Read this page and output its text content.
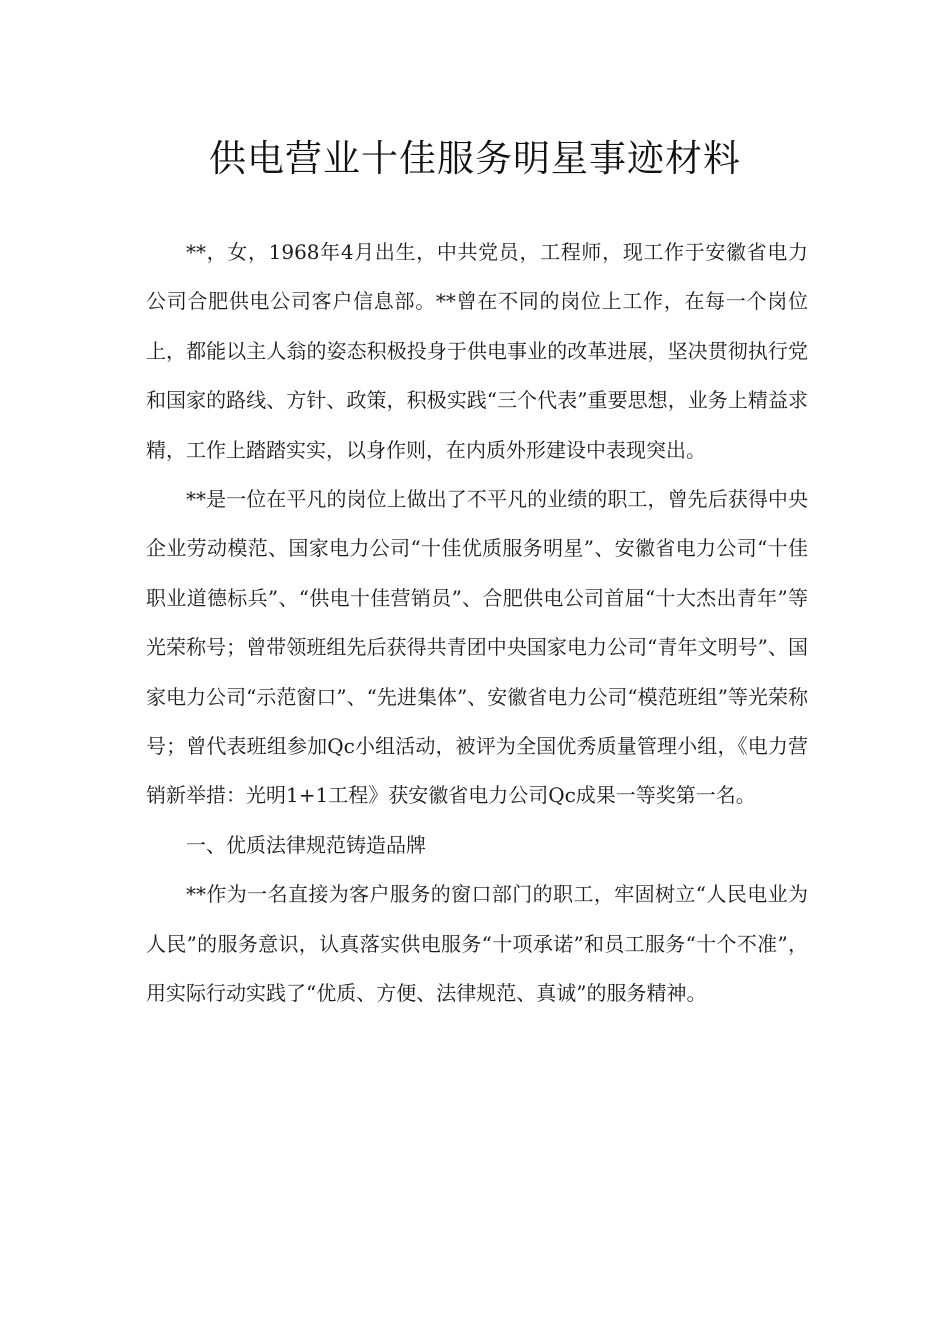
供电营业十佳服务明星事迹材料

**，女，1968年4月出生，中共党员，工程师，现工作于安徽省电力公司合肥供电公司客户信息部。**曾在不同的岗位上工作，在每一个岗位上，都能以主人翁的姿态积极投身于供电事业的改革进展，坚决贯彻执行党和国家的路线、方针、政策，积极实践“三个代表”重要思想，业务上精益求精，工作上踏踏实实，以身作则，在内质外形建设中表现突出。

**是一位在平凡的岗位上做出了不平凡的业绩的职工，曾先后获得中央企业劳动模范、国家电力公司“十佳优质服务明星”、安徽省电力公司“十佳职业道德标兵”、“供电十佳营销员”、合肥供电公司首届“十大杰出青年”等光荣称号；曾带领班组先后获得共青团中央国家电力公司“青年文明号”、国家电力公司“示范窗口”、“先进集体”、安徽省电力公司“模范班组”等光荣称号；曾代表班组参加Qc小组活动，被评为全国优秀质量管理小组，《电力营销新举措：光明1+1工程》获安徽省电力公司Qc成果一等奖第一名。

一、优质法律规范铸造品牌

**作为一名直接为客户服务的窗口部门的职工，牢固树立“人民电业为人民”的服务意识，认真落实供电服务“十项承诺”和员工服务“十个不准”，用实际行动实践了“优质、方便、法律规范、真诚”的服务精神。
